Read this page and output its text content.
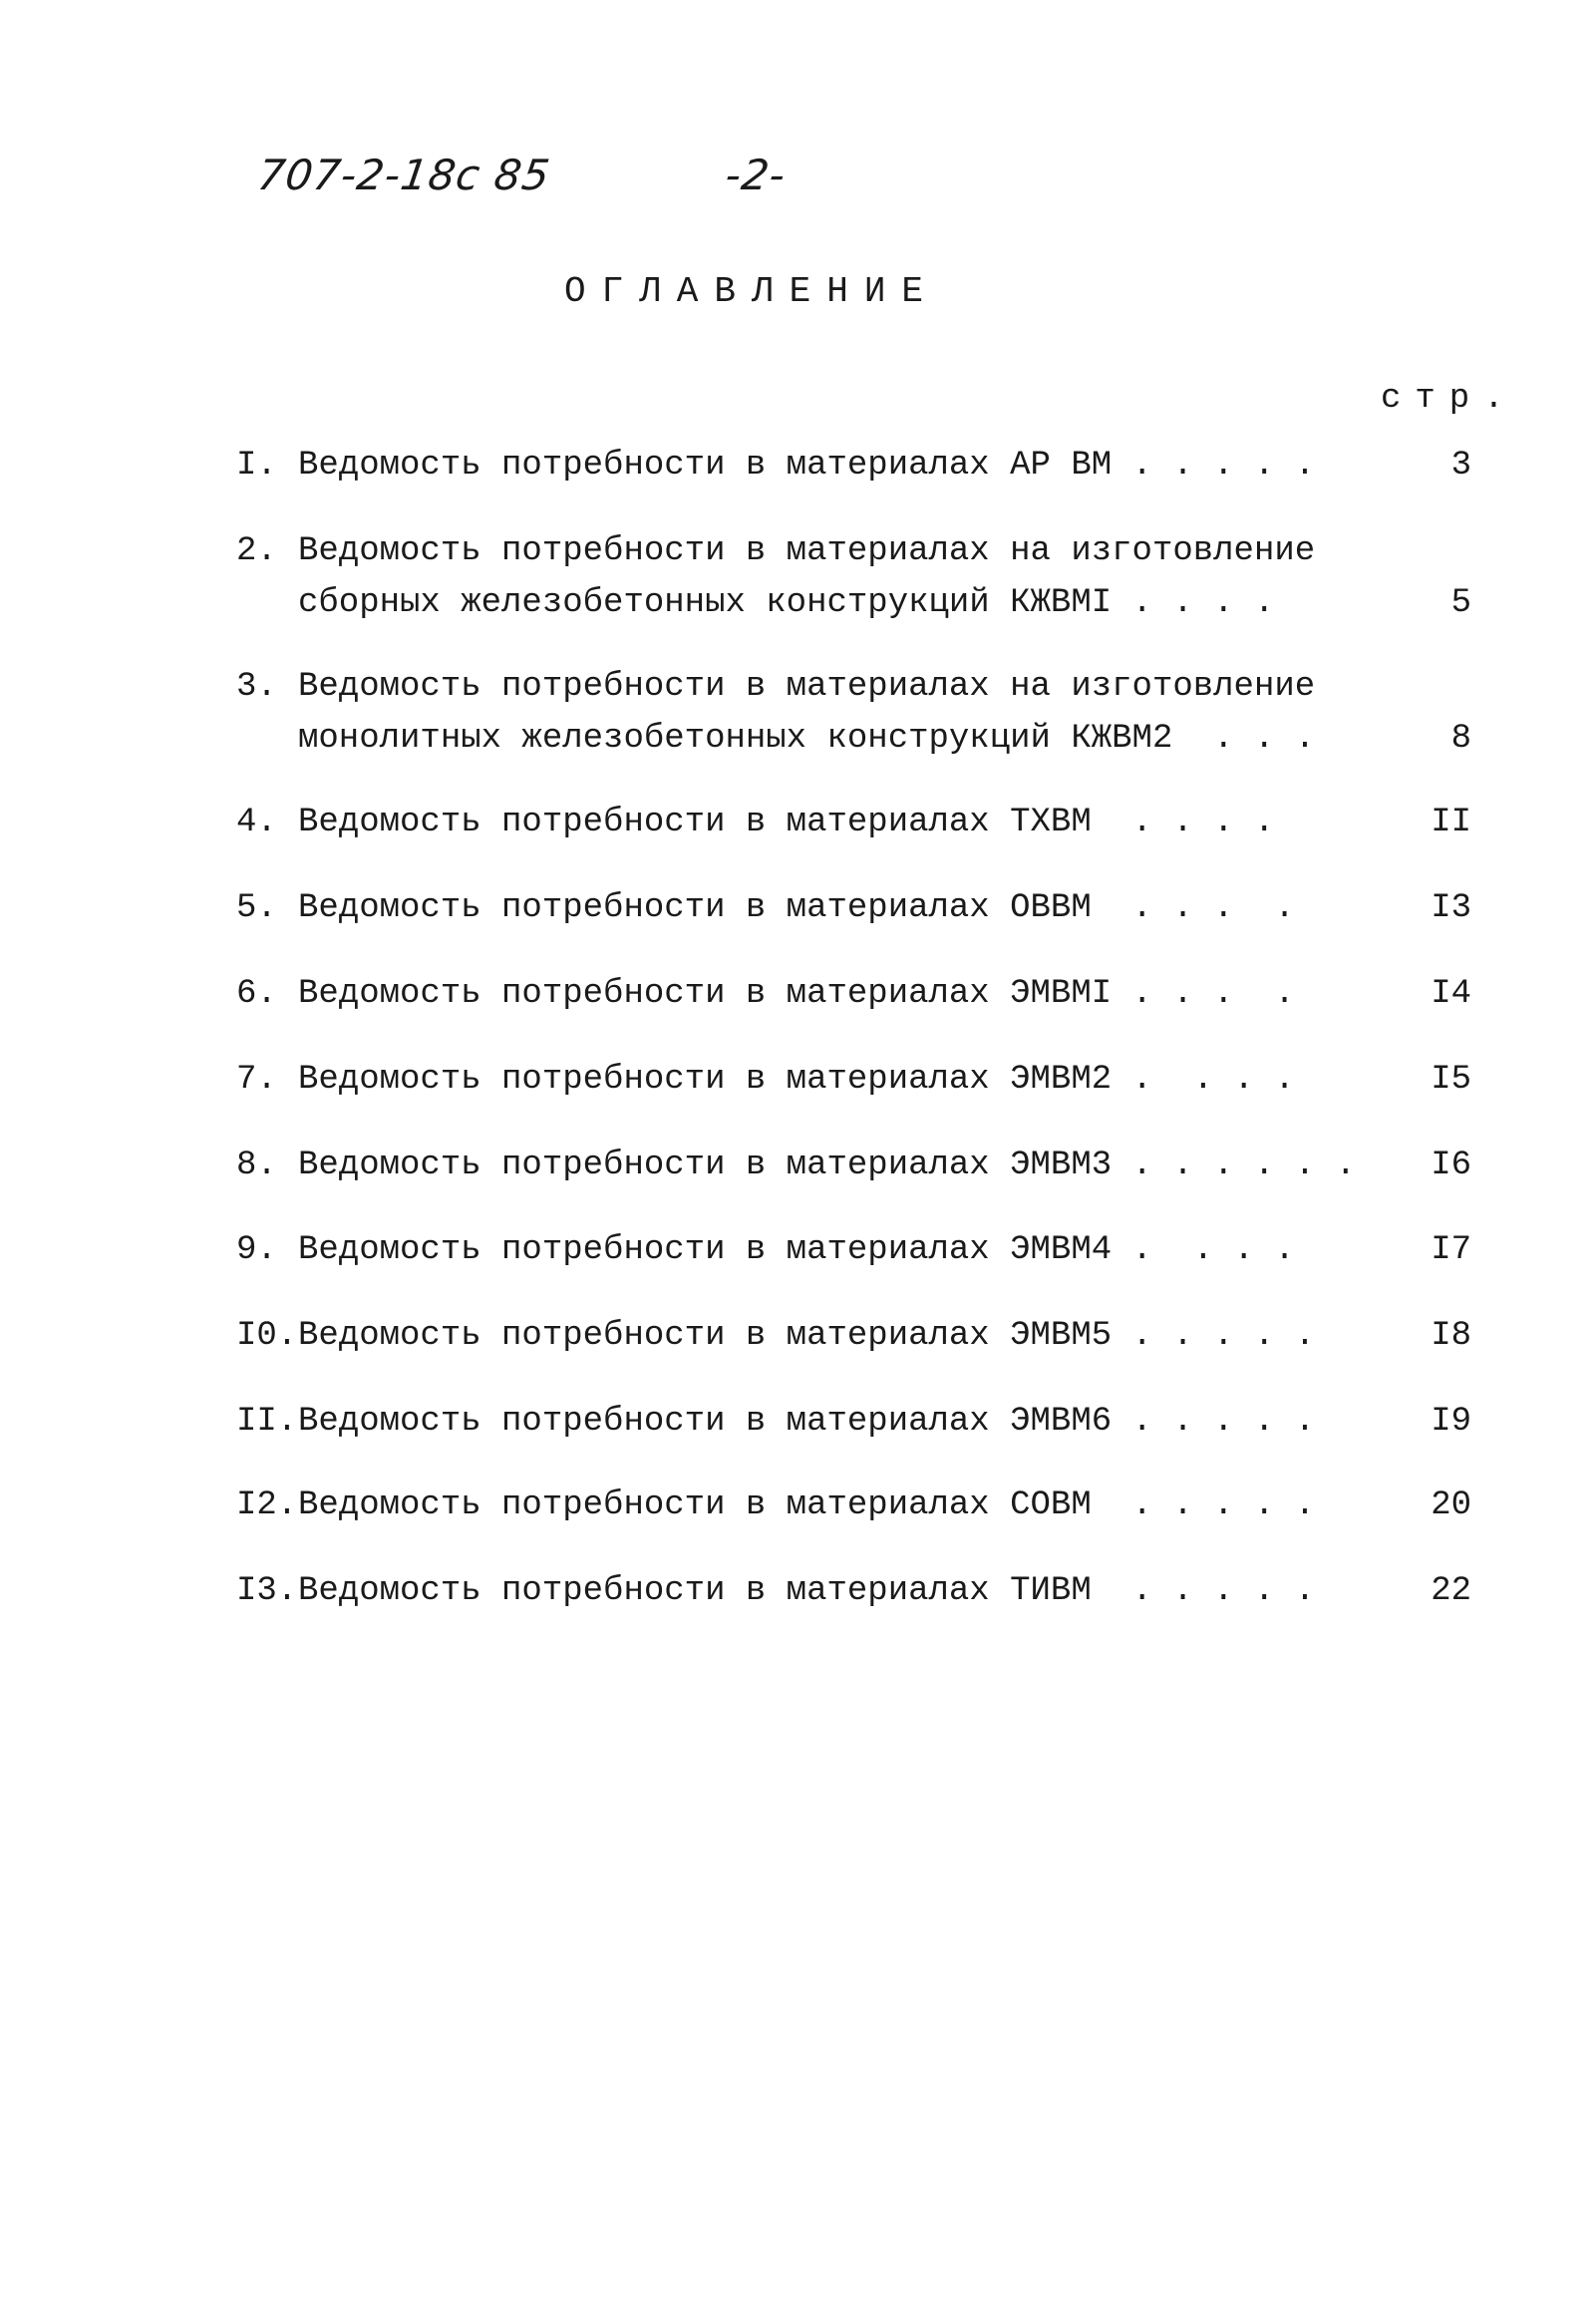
707-2-18с 85	-2-
ОГЛАВЛЕНИЕ
стр.
I. Ведомость потребности в материалах АР ВМ . . . . .	3
2. Ведомость потребности в материалах на изготовление
сборных железобетонных конструкций КЖВМI . . . .	5
3. Ведомость потребности в материалах на изготовление
монолитных железобетонных конструкций КЖВМ2  . . .	8
4. Ведомость потребности в материалах ТХВМ  . . . .	II
5. Ведомость потребности в материалах ОВВМ  . . .  .	I3
6. Ведомость потребности в материалах ЭМВМI . . .  .	I4
7. Ведомость потребности в материалах ЭМВМ2 .  . . .	I5
8. Ведомость потребности в материалах ЭМВМ3 . . . . . . I6
9. Ведомость потребности в материалах ЭМВМ4 .  . . .	I7
I0. Ведомость потребности в материалах ЭМВМ5 . . . . .	I8
II. Ведомость потребности в материалах ЭМВМ6 . . . . .	I9
I2. Ведомость потребности в материалах СОВМ  . . . . .	20
I3. Ведомость потребности в материалах ТИВМ  . . . . .	22
